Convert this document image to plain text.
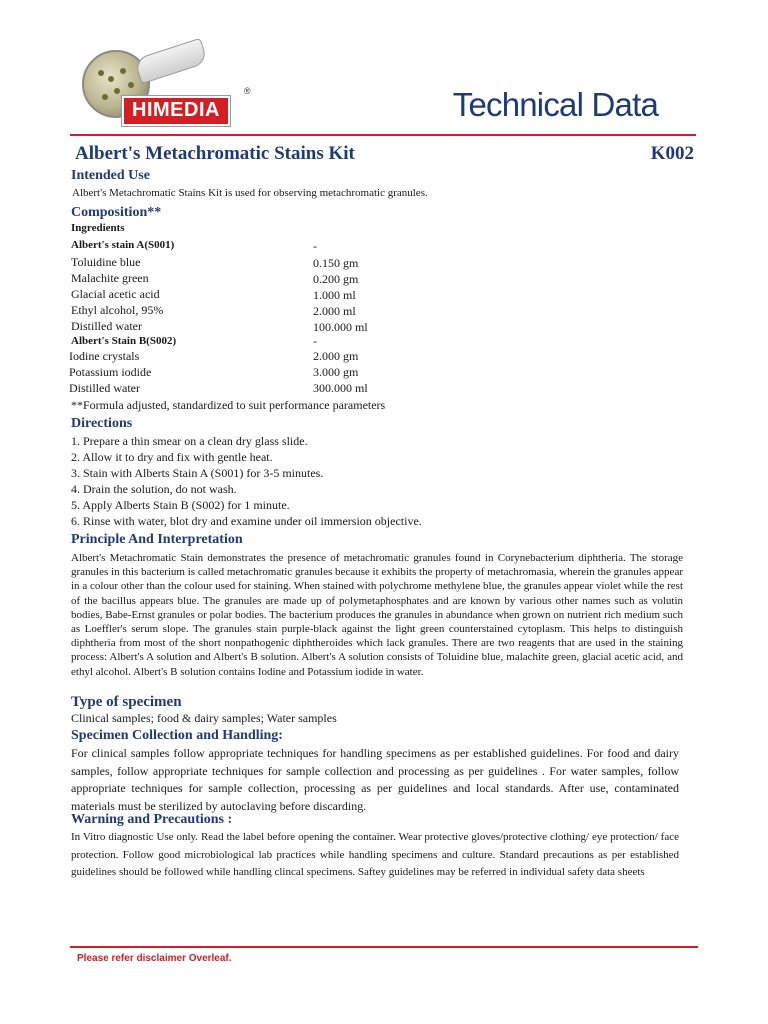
HIMEDIA
®	Technical Data
Albert's Metachromatic Stains Kit	K002
Intended Use
Albert's Metachromatic Stains Kit is used for observing metachromatic granules.
Composition**
Ingredients
Albert's stain A(S001)	-
Toluidine blue	0.150 gm
Malachite green	0.200 gm
Glacial acetic acid	1.000 ml
Ethyl alcohol, 95%	2.000 ml
Distilled water	100.000 ml
Albert's Stain B(S002)	-
Iodine crystals	2.000 gm
Potassium iodide	3.000 gm
Distilled water	300.000 ml
**Formula adjusted, standardized to suit performance parameters
Directions
1. Prepare a thin smear on a clean dry glass slide.
2. Allow it to dry and fix with gentle heat.
3. Stain with Alberts Stain A (S001) for 3-5 minutes.
4. Drain the solution, do not wash.
5. Apply Alberts Stain B (S002) for 1 minute.
6. Rinse with water, blot dry and examine under oil immersion objective.
Principle And Interpretation
Albert's Metachromatic Stain demonstrates the presence of metachromatic granules found in Corynebacterium diphtheria. The storage granules in this bacterium is called metachromatic granules because it exhibits the property of metachromasia, wherein the granules appear in a colour other than the colour used for staining. When stained with polychrome methylene blue, the granules appear violet while the rest of the bacillus appears blue. The granules are made up of polymetaphosphates and are known by various other names such as volutin bodies, Babe-Ernst granules or polar bodies. The bacterium produces the granules in abundance when grown on nutrient rich medium such as Loeffler's serum slope. The granules stain purple-black against the light green counterstained cytoplasm. This helps to distinguish diphtheria from most of the short nonpathogenic diphtheroides which lack granules. There are two reagents that are used in the staining process: Albert's A solution and Albert's B solution. Albert's A solution consists of Toluidine blue, malachite green, glacial acetic acid, and ethyl alcohol. Albert's B solution contains Iodine and Potassium iodide in water.
Type of specimen
Clinical samples; food & dairy samples; Water samples
Specimen Collection and Handling:
For clinical samples follow appropriate techniques for handling specimens as per established guidelines. For food and dairy samples, follow appropriate techniques for sample collection and processing as per guidelines . For water samples, follow appropriate techniques for sample collection, processing as per guidelines and local standards. After use, contaminated materials must be sterilized by autoclaving before discarding.
Warning and Precautions :
In Vitro diagnostic Use only. Read the label before opening the container. Wear protective gloves/protective clothing/ eye protection/ face protection. Follow good microbiological lab practices while handling specimens and culture. Standard precautions as per established guidelines should be followed while handling clincal specimens. Saftey guidelines may be referred in individual safety data sheets
Please refer disclaimer Overleaf.
